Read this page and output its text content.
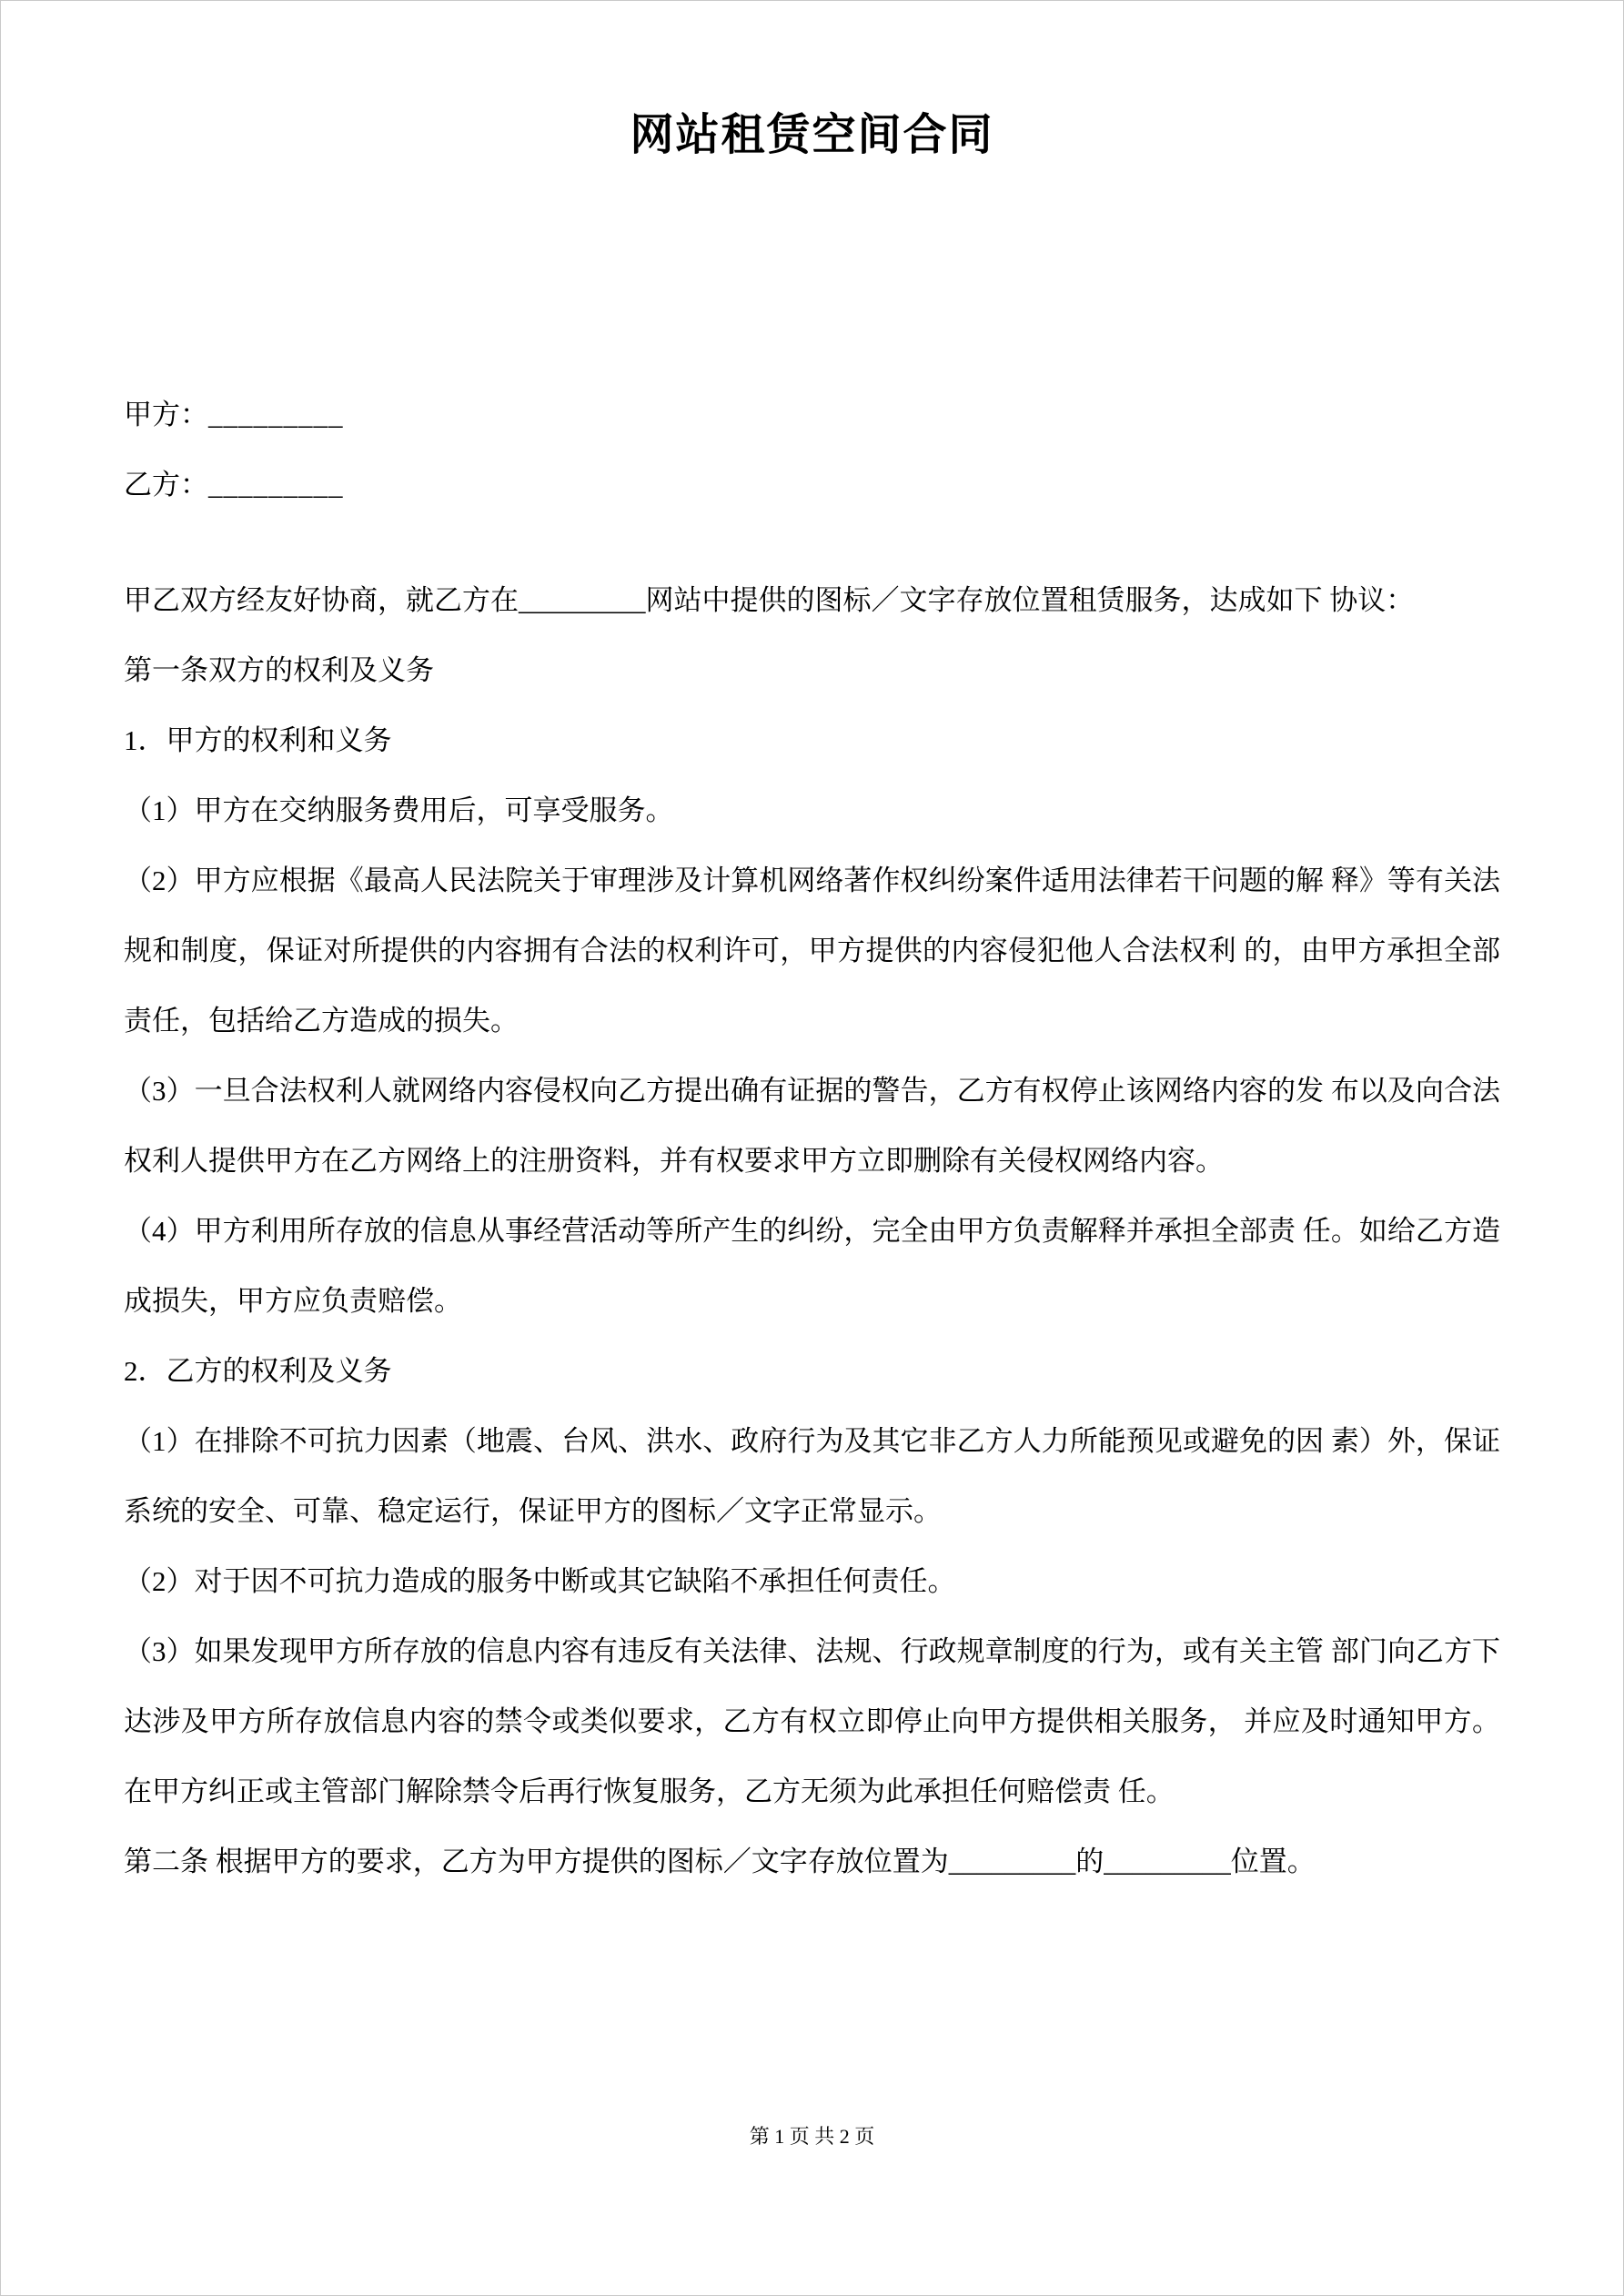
网站租赁空间合同
甲方：_________
乙方：_________

甲乙双方经友好协商，就乙方在_________网站中提供的图标／文字存放位置租赁服务，达成如下 协议：

第一条双方的权利及义务

1．甲方的权利和义务

（1）甲方在交纳服务费用后，可享受服务。

（2）甲方应根据《最高人民法院关于审理涉及计算机网络著作权纠纷案件适用法律若干问题的解 释》等有关法规和制度，保证对所提供的内容拥有合法的权利许可，甲方提供的内容侵犯他人合法权利 的，由甲方承担全部责任，包括给乙方造成的损失。

（3）一旦合法权利人就网络内容侵权向乙方提出确有证据的警告，乙方有权停止该网络内容的发 布以及向合法权利人提供甲方在乙方网络上的注册资料，并有权要求甲方立即删除有关侵权网络内容。

（4）甲方利用所存放的信息从事经营活动等所产生的纠纷，完全由甲方负责解释并承担全部责 任。如给乙方造成损失，甲方应负责赔偿。

2．乙方的权利及义务

（1）在排除不可抗力因素（地震、台风、洪水、政府行为及其它非乙方人力所能预见或避免的因 素）外，保证系统的安全、可靠、稳定运行，保证甲方的图标／文字正常显示。

（2）对于因不可抗力造成的服务中断或其它缺陷不承担任何责任。

（3）如果发现甲方所存放的信息内容有违反有关法律、法规、行政规章制度的行为，或有关主管 部门向乙方下达涉及甲方所存放信息内容的禁令或类似要求，乙方有权立即停止向甲方提供相关服务， 并应及时通知甲方。在甲方纠正或主管部门解除禁令后再行恢复服务，乙方无须为此承担任何赔偿责 任。

第二条 根据甲方的要求，乙方为甲方提供的图标／文字存放位置为_________的_________位置。

第 1 页 共 2 页
